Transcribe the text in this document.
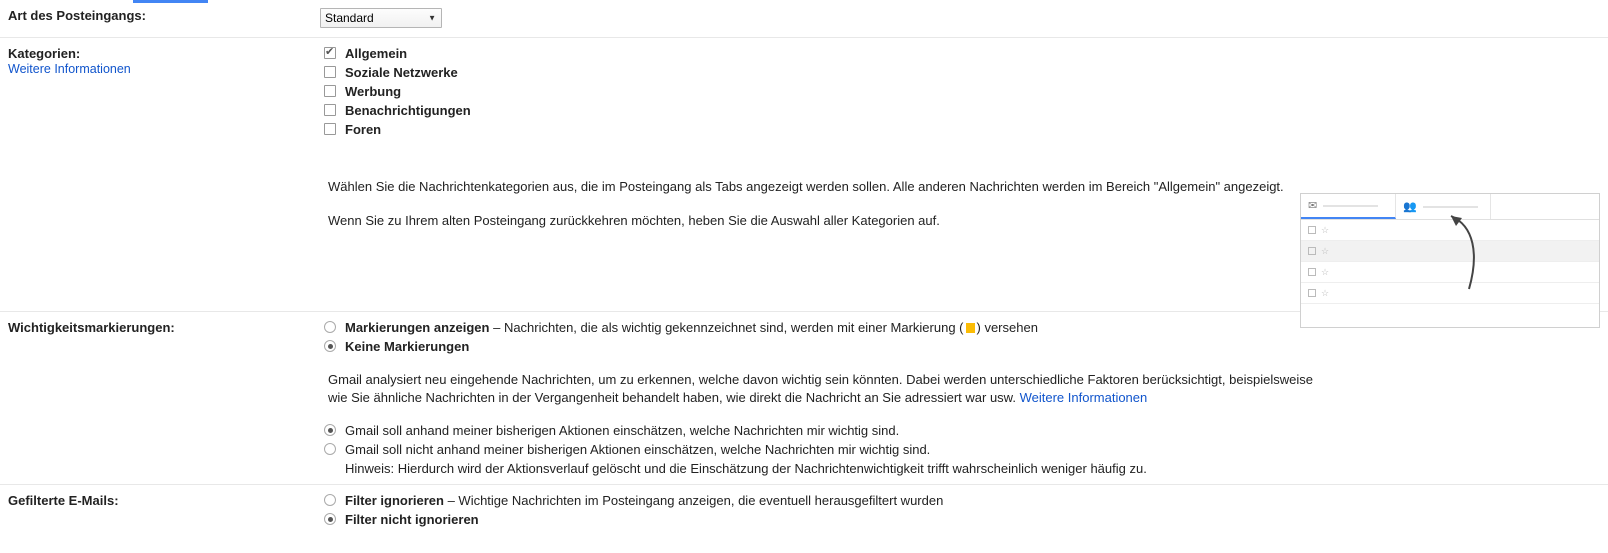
Art des Posteingangs:
Standard	▼
Kategorien:
Weitere Informationen
✔
Allgemein
Soziale Netzwerke
Werbung
Benachrichtigungen
Foren
Wählen Sie die Nachrichtenkategorien aus, die im Posteingang als Tabs angezeigt werden sollen. Alle anderen Nachrichten werden im Bereich "Allgemein" angezeigt.
Wenn Sie zu Ihrem alten Posteingang zurückkehren möchten, heben Sie die Auswahl aller Kategorien auf.
✉	👥
☆
☆
☆
☆
Wichtigkeitsmarkierungen:	Markierungen anzeigen – Nachrichten, die als wichtig gekennzeichnet sind, werden mit einer Markierung ( ) versehen
Keine Markierungen
Gmail analysiert neu eingehende Nachrichten, um zu erkennen, welche davon wichtig sein könnten. Dabei werden unterschiedliche Faktoren berücksichtigt, beispielsweise wie Sie ähnliche Nachrichten in der Vergangenheit behandelt haben, wie direkt die Nachricht an Sie adressiert war usw. Weitere Informationen
Gmail soll anhand meiner bisherigen Aktionen einschätzen, welche Nachrichten mir wichtig sind.
Gmail soll nicht anhand meiner bisherigen Aktionen einschätzen, welche Nachrichten mir wichtig sind.
Hinweis: Hierdurch wird der Aktionsverlauf gelöscht und die Einschätzung der Nachrichtenwichtigkeit trifft wahrscheinlich weniger häufig zu.
Gefilterte E-Mails:	Filter ignorieren – Wichtige Nachrichten im Posteingang anzeigen, die eventuell herausgefiltert wurden
Filter nicht ignorieren
